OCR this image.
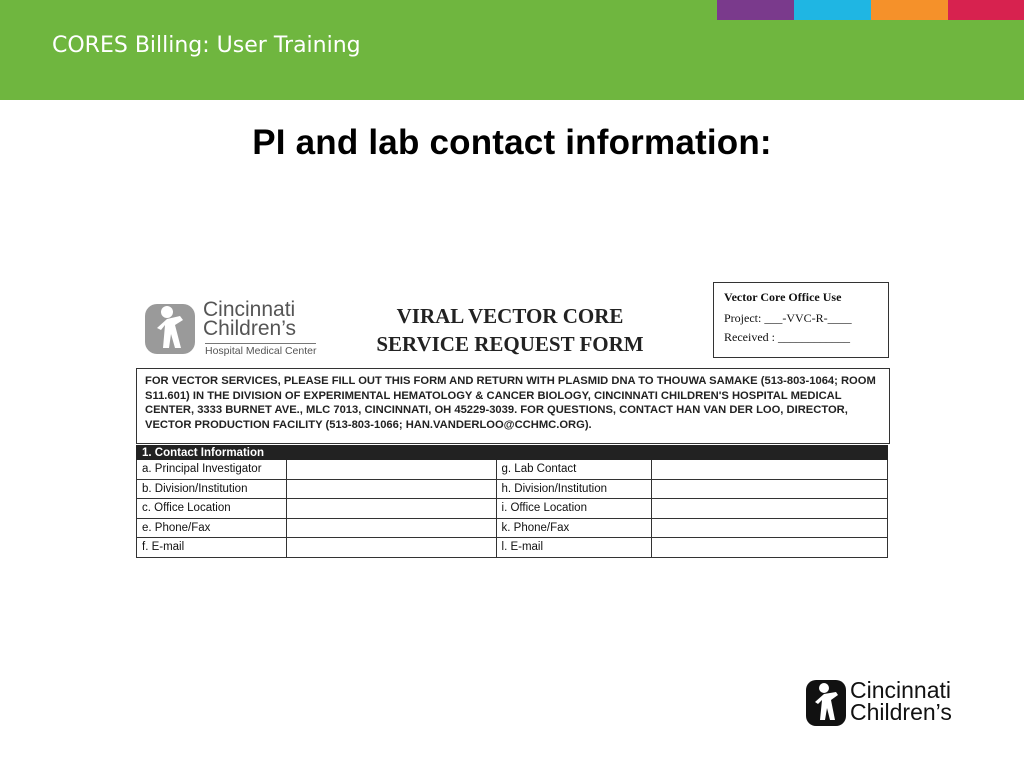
CORES Billing: User Training
PI and lab contact information:
Cincinnati
Children’s
Hospital Medical Center
VIRAL VECTOR CORE
SERVICE REQUEST FORM
Vector Core Office Use
Project: ___-VVC-R-____
Received : ____________
FOR VECTOR SERVICES, PLEASE FILL OUT THIS FORM AND RETURN WITH PLASMID DNA TO THOUWA SAMAKE (513-803-1064; ROOM S11.601) IN THE DIVISION OF EXPERIMENTAL HEMATOLOGY & CANCER BIOLOGY, CINCINNATI CHILDREN'S HOSPITAL MEDICAL CENTER, 3333 BURNET AVE., MLC 7013, CINCINNATI, OH 45229-3039. FOR QUESTIONS, CONTACT HAN VAN DER LOO, DIRECTOR, VECTOR PRODUCTION FACILITY (513-803-1066; HAN.VANDERLOO@CCHMC.ORG).
1. Contact Information			
a. Principal Investigator		g. Lab Contact	
b. Division/Institution		h. Division/Institution	
c. Office Location		i. Office Location	
e. Phone/Fax		k. Phone/Fax	
f. E-mail		l. E-mail	
Cincinnati
Children’s
